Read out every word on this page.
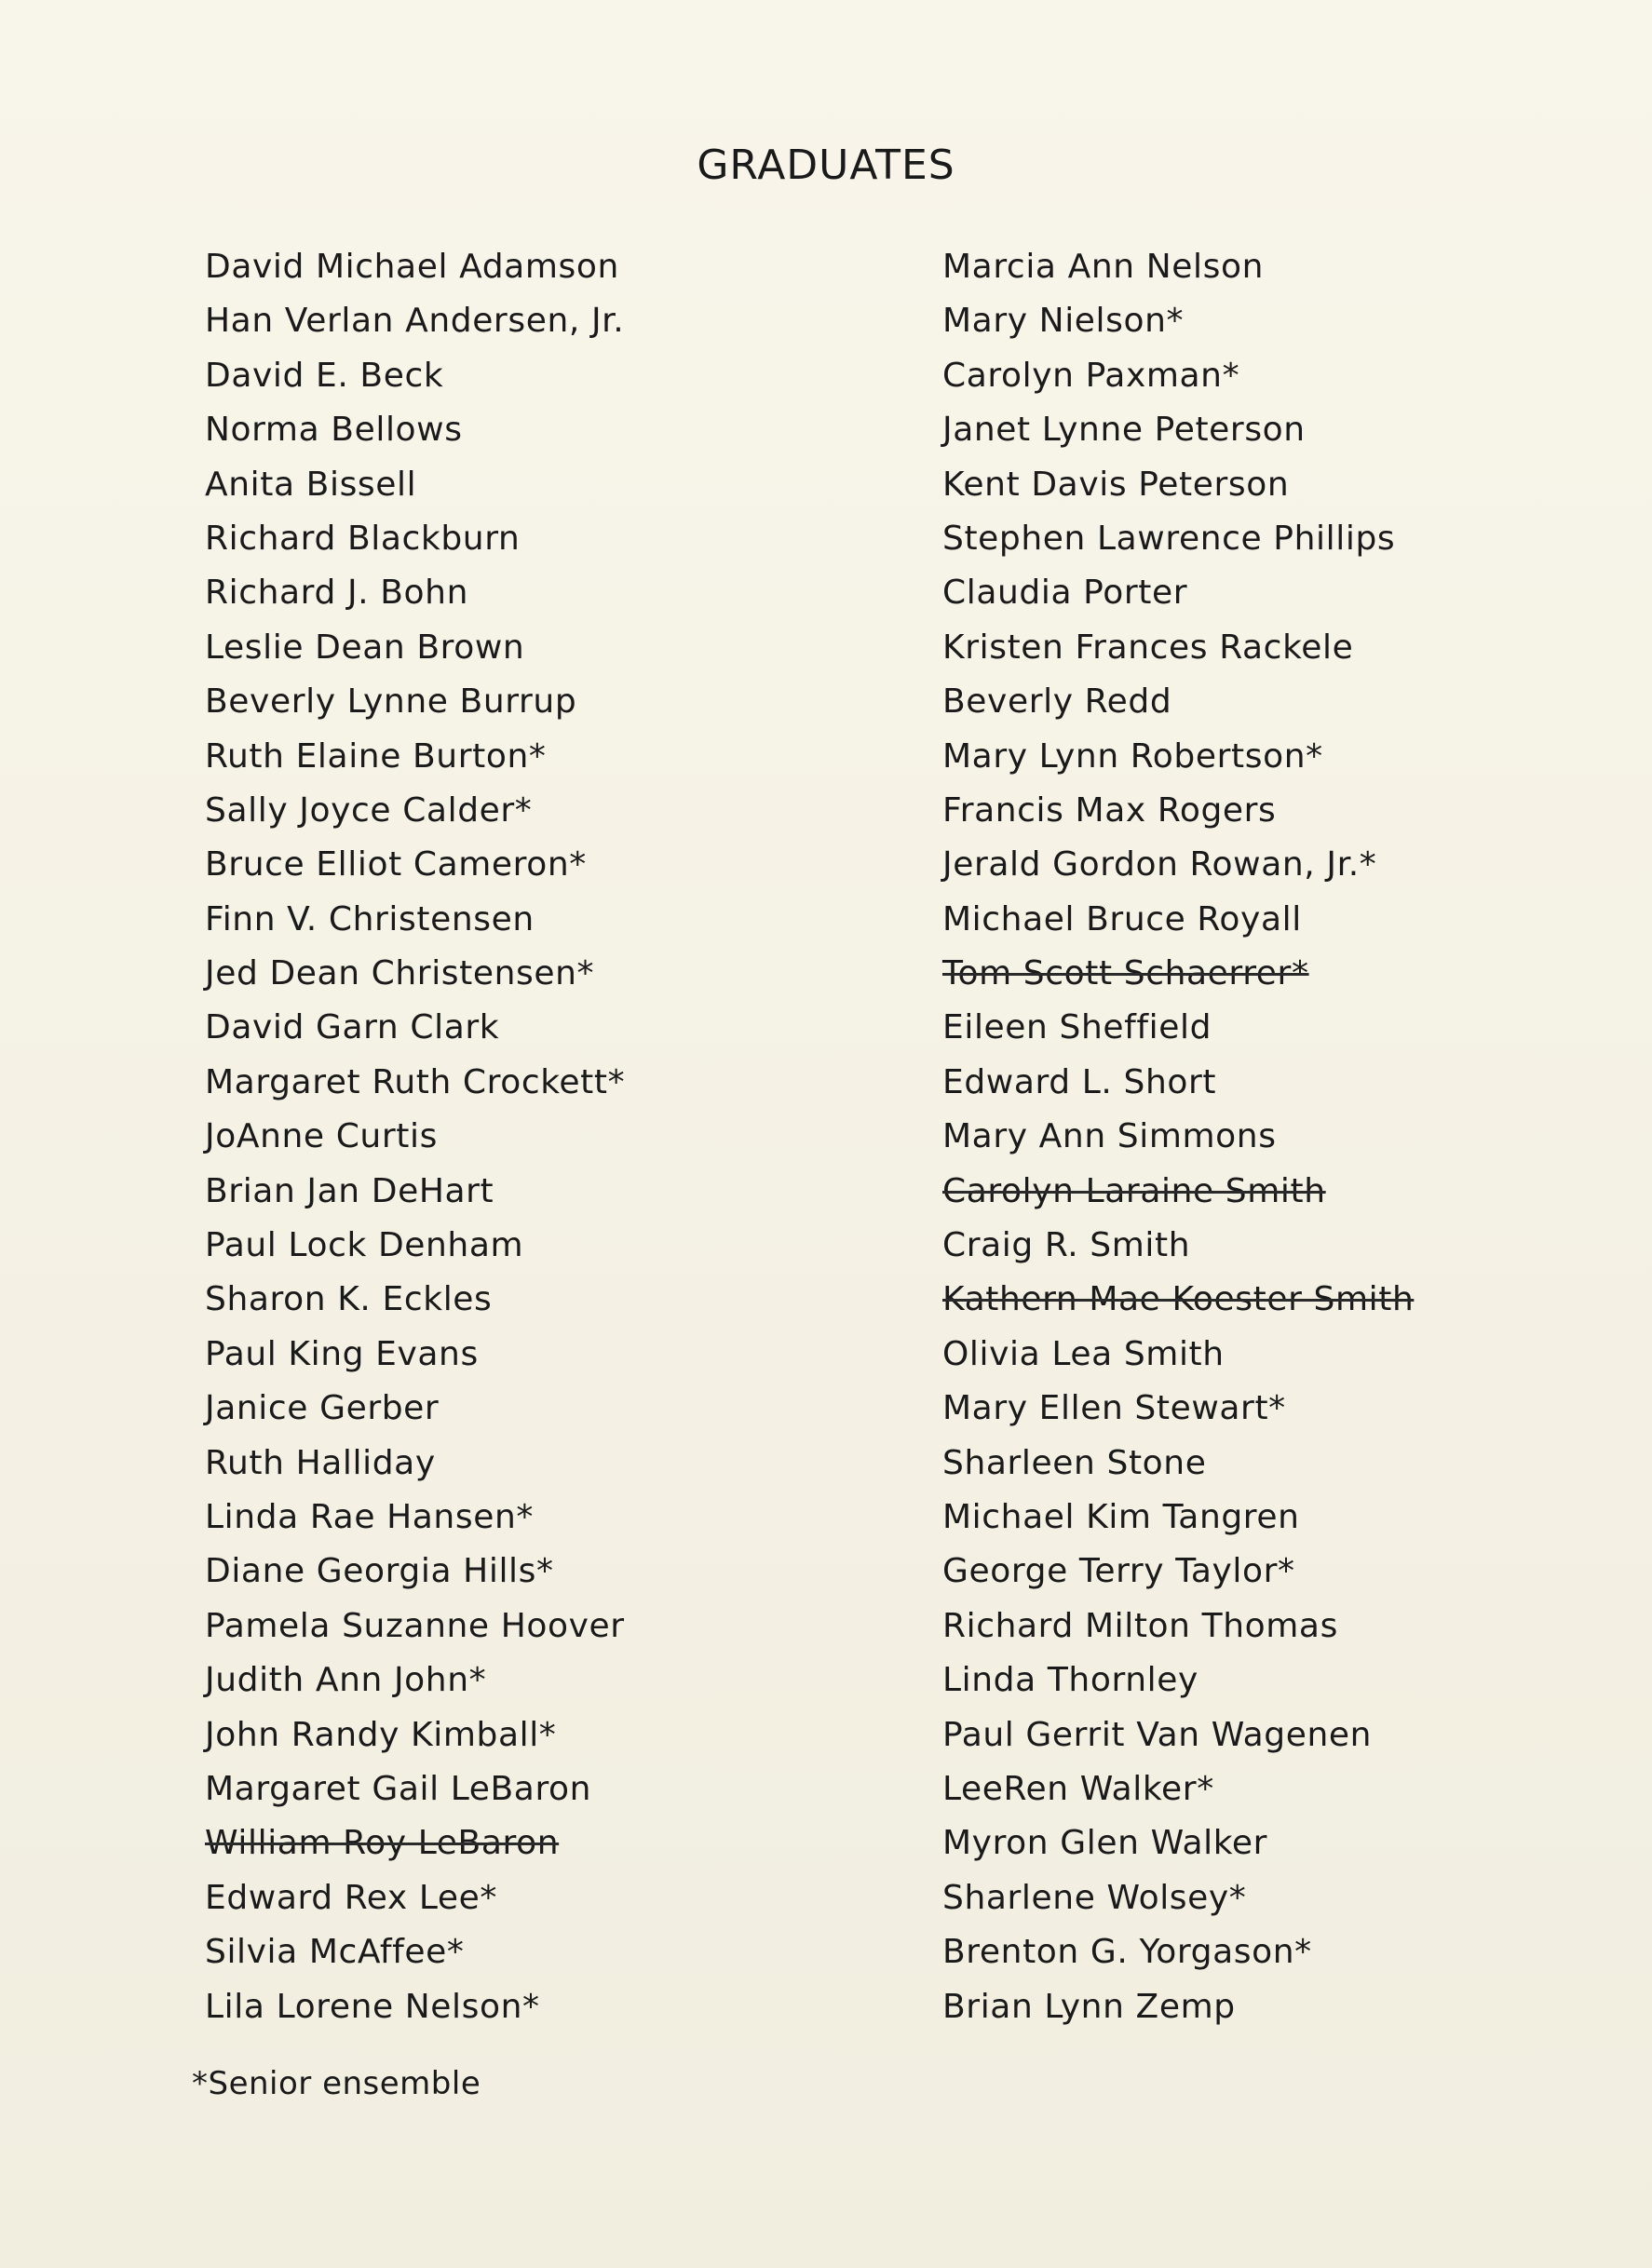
GRADUATES
David Michael Adamson
Han Verlan Andersen, Jr.
David E. Beck
Norma Bellows
Anita Bissell
Richard Blackburn
Richard J. Bohn
Leslie Dean Brown
Beverly Lynne Burrup
Ruth Elaine Burton*
Sally Joyce Calder*
Bruce Elliot Cameron*
Finn V. Christensen
Jed Dean Christensen*
David Garn Clark
Margaret Ruth Crockett*
JoAnne Curtis
Brian Jan DeHart
Paul Lock Denham
Sharon K. Eckles
Paul King Evans
Janice Gerber
Ruth Halliday
Linda Rae Hansen*
Diane Georgia Hills*
Pamela Suzanne Hoover
Judith Ann John*
John Randy Kimball*
Margaret Gail LeBaron
William Roy LeBaron
Edward Rex Lee*
Silvia McAffee*
Lila Lorene Nelson*
Marcia Ann Nelson
Mary Nielson*
Carolyn Paxman*
Janet Lynne Peterson
Kent Davis Peterson
Stephen Lawrence Phillips
Claudia Porter
Kristen Frances Rackele
Beverly Redd
Mary Lynn Robertson*
Francis Max Rogers
Jerald Gordon Rowan, Jr.*
Michael Bruce Royall
Tom Scott Schaerrer*
Eileen Sheffield
Edward L. Short
Mary Ann Simmons
Carolyn Laraine Smith
Craig R. Smith
Kathern Mae Koester Smith
Olivia Lea Smith
Mary Ellen Stewart*
Sharleen Stone
Michael Kim Tangren
George Terry Taylor*
Richard Milton Thomas
Linda Thornley
Paul Gerrit Van Wagenen
LeeRen Walker*
Myron Glen Walker
Sharlene Wolsey*
Brenton G. Yorgason*
Brian Lynn Zemp
*Senior ensemble
